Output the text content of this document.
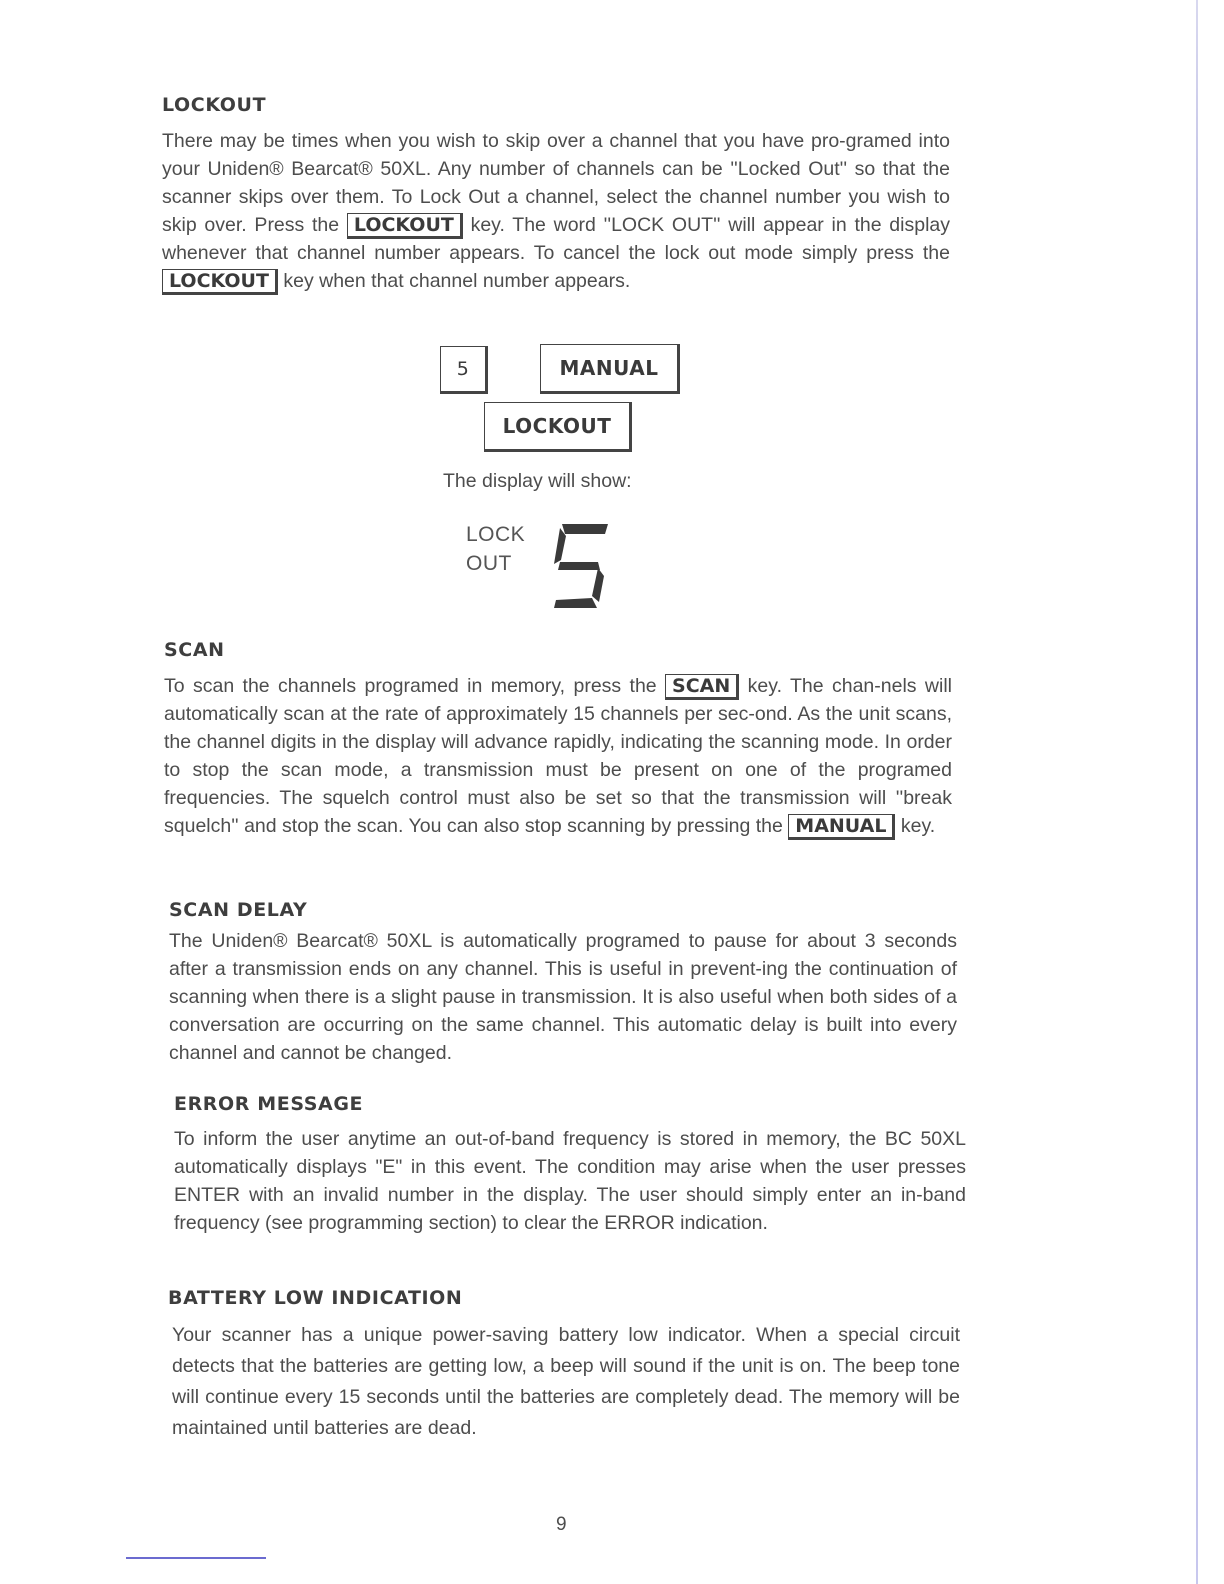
LOCKOUT

There may be times when you wish to skip over a channel that you have pro-gramed into your Uniden® Bearcat® 50XL. Any number of channels can be ''Locked Out'' so that the scanner skips over them. To Lock Out a channel, select the channel number you wish to skip over. Press the LOCKOUT key. The word ''LOCK OUT'' will appear in the display whenever that channel number appears. To cancel the lock out mode simply press the LOCKOUT key when that channel number appears.

5	MANUAL
LOCKOUT
The display will show:
LOCK
OUT
SCAN

To scan the channels programed in memory, press the SCAN key. The chan-nels will automatically scan at the rate of approximately 15 channels per sec-ond. As the unit scans, the channel digits in the display will advance rapidly, indicating the scanning mode. In order to stop the scan mode, a transmission must be present on one of the programed frequencies. The squelch control must also be set so that the transmission will ''break squelch'' and stop the scan. You can also stop scanning by pressing the MANUAL key.

SCAN DELAY

The Uniden® Bearcat® 50XL is automatically programed to pause for about 3 seconds after a transmission ends on any channel. This is useful in prevent-ing the continuation of scanning when there is a slight pause in transmission. It is also useful when both sides of a conversation are occurring on the same channel. This automatic delay is built into every channel and cannot be changed.

ERROR MESSAGE

To inform the user anytime an out-of-band frequency is stored in memory, the BC 50XL automatically displays "E" in this event. The condition may arise when the user presses ENTER with an invalid number in the display. The user should simply enter an in-band frequency (see programming section) to clear the ERROR indication.

BATTERY LOW INDICATION

Your scanner has a unique power-saving battery low indicator. When a special circuit detects that the batteries are getting low, a beep will sound if the unit is on. The beep tone will continue every 15 seconds until the batteries are completely dead. The memory will be maintained until batteries are dead.

9
